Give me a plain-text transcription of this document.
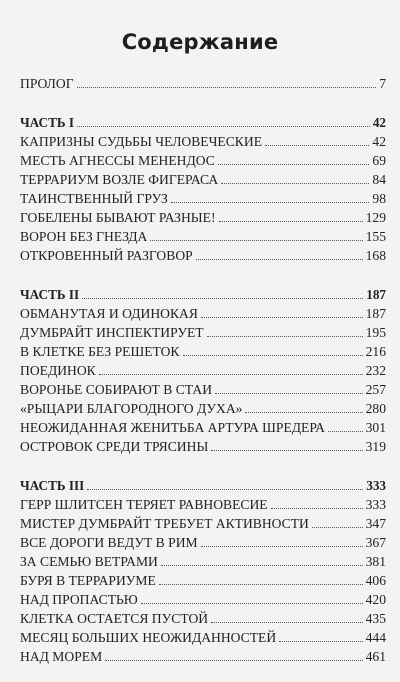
Содержание
ПРОЛОГ	7
ЧАСТЬ I	42
КАПРИЗНЫ СУДЬБЫ ЧЕЛОВЕЧЕСКИЕ	42
МЕСТЬ АГНЕССЫ МЕНЕНДОС	69
ТЕРРАРИУМ ВОЗЛЕ ФИГЕРАСА	84
ТАИНСТВЕННЫЙ ГРУЗ	98
ГОБЕЛЕНЫ БЫВАЮТ РАЗНЫЕ!	129
ВОРОН БЕЗ ГНЕЗДА	155
ОТКРОВЕННЫЙ РАЗГОВОР	168
ЧАСТЬ II	187
ОБМАНУТАЯ И ОДИНОКАЯ	187
ДУМБРАЙТ ИНСПЕКТИРУЕТ	195
В КЛЕТКЕ БЕЗ РЕШЕТОК	216
ПОЕДИНОК	232
ВОРОНЬЕ СОБИРАЮТ В СТАИ	257
«РЫЦАРИ БЛАГОРОДНОГО ДУХА»	280
НЕОЖИДАННАЯ ЖЕНИТЬБА АРТУРА ШРЕДЕРА	301
ОСТРОВОК СРЕДИ ТРЯСИНЫ	319
ЧАСТЬ III	333
ГЕРР ШЛИТСЕН ТЕРЯЕТ РАВНОВЕСИЕ	333
МИСТЕР ДУМБРАЙТ ТРЕБУЕТ АКТИВНОСТИ	347
ВСЕ ДОРОГИ ВЕДУТ В РИМ	367
ЗА СЕМЬЮ ВЕТРАМИ	381
БУРЯ В ТЕРРАРИУМЕ	406
НАД ПРОПАСТЬЮ	420
КЛЕТКА ОСТАЕТСЯ ПУСТОЙ	435
МЕСЯЦ БОЛЬШИХ НЕОЖИДАННОСТЕЙ	444
НАД МОРЕМ	461
